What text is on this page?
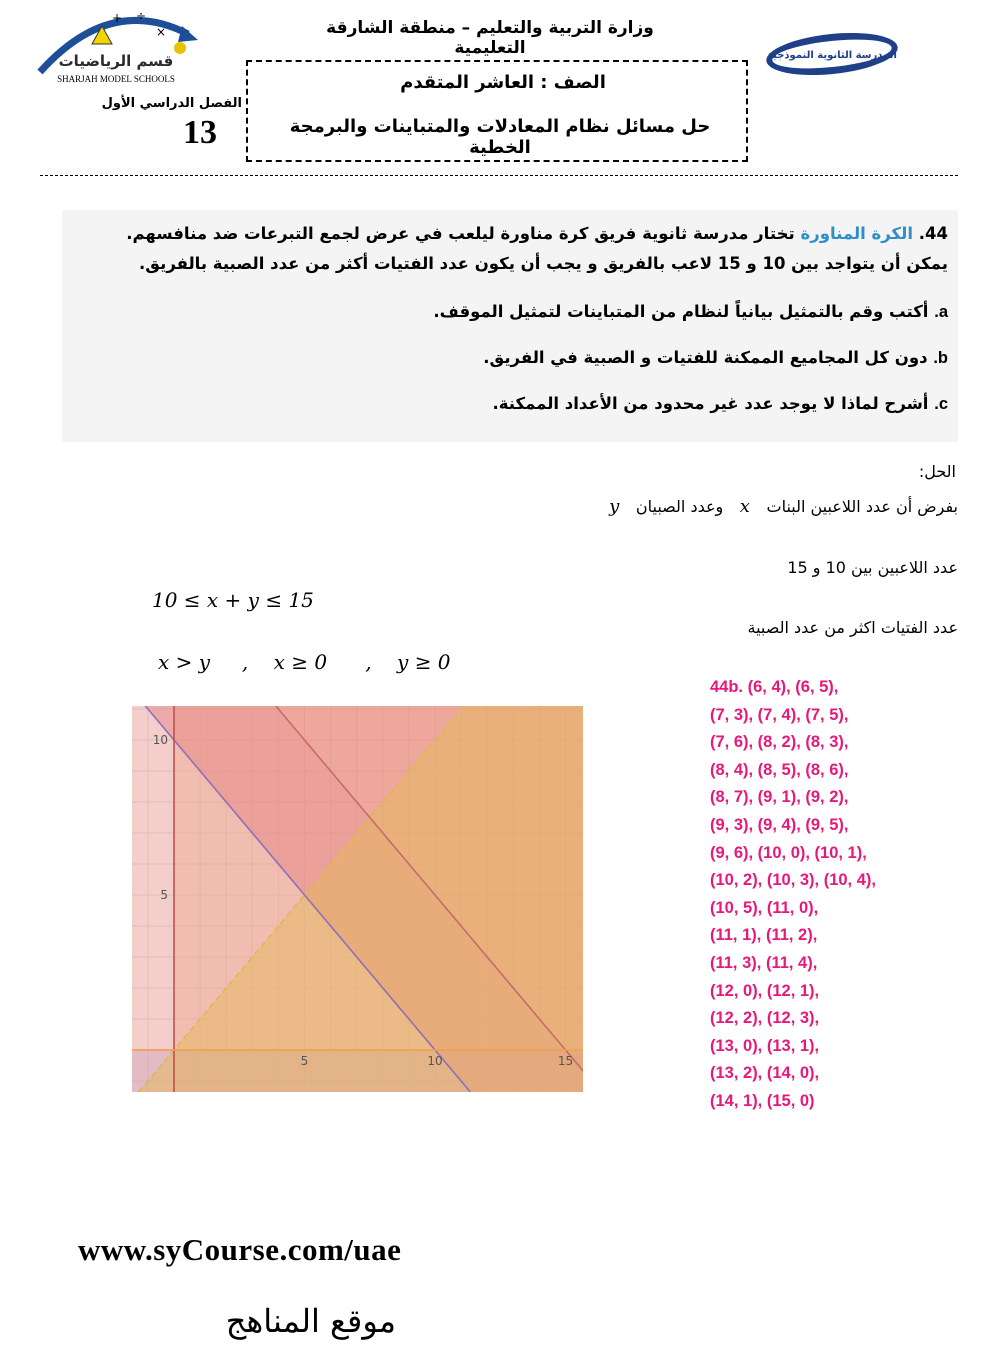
+ ÷
×
قسم الرياضيات
SHARJAH MODEL SCHOOLS
المدرسة الثانوية النموذجية
وزارة التربية والتعليم – منطقة الشارقة التعليمية
الفصل الدراسي الأول
13
الصف : العاشر المتقدم
حل مسائل نظام المعادلات والمتباينات والبرمجة الخطية
44. الكرة المناورة تختار مدرسة ثانوية فريق كرة مناورة ليلعب في عرض لجمع التبرعات ضد منافسهم.
يمكن أن يتواجد بين 10 و 15 لاعب بالفريق و يجب أن يكون عدد الفتيات أكثر من عدد الصبية بالفريق.
a. أكتب وقم بالتمثيل بيانياً لنظام من المتباينات لتمثيل الموقف.
b. دون كل المجاميع الممكنة للفتيات و الصبية في الفريق.
c. أشرح لماذا لا يوجد عدد غير محدود من الأعداد الممكنة.
الحل:
بفرض أن عدد اللاعبين البنات   x   وعدد الصبيان   y
عدد اللاعبين بين 10 و 15
10 ≤ x + y ≤ 15
عدد الفتيات اكثر من عدد الصبية
x > y     ,    x ≥ 0      ,    y ≥ 0
5	10	15
5
10
44b. (6, 4), (6, 5),
(7, 3), (7, 4), (7, 5),
(7, 6), (8, 2), (8, 3),
(8, 4), (8, 5), (8, 6),
(8, 7), (9, 1), (9, 2),
(9, 3), (9, 4), (9, 5),
(9, 6), (10, 0), (10, 1),
(10, 2), (10, 3), (10, 4),
(10, 5), (11, 0),
(11, 1), (11, 2),
(11, 3), (11, 4),
(12, 0), (12, 1),
(12, 2), (12, 3),
(13, 0), (13, 1),
(13, 2), (14, 0),
(14, 1), (15, 0)
www.syCourse.com/uae
موقع المناهج
